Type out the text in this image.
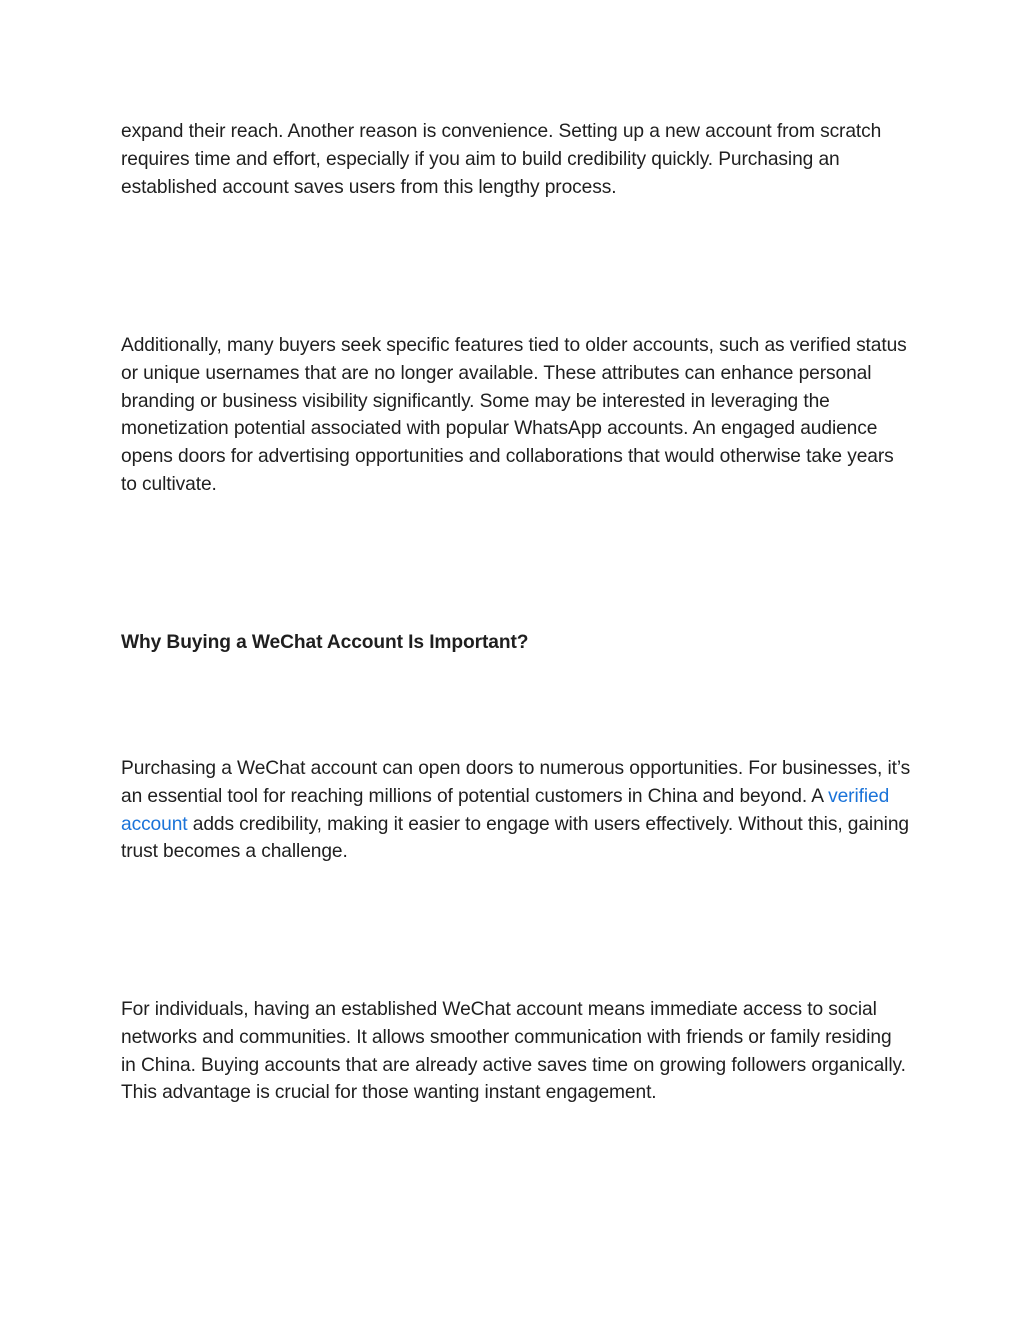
expand their reach. Another reason is convenience. Setting up a new account from scratch requires time and effort, especially if you aim to build credibility quickly. Purchasing an established account saves users from this lengthy process.

Additionally, many buyers seek specific features tied to older accounts, such as verified status or unique usernames that are no longer available. These attributes can enhance personal branding or business visibility significantly. Some may be interested in leveraging the monetization potential associated with popular WhatsApp accounts. An engaged audience opens doors for advertising opportunities and collaborations that would otherwise take years to cultivate.

Why Buying a WeChat Account Is Important?

Purchasing a WeChat account can open doors to numerous opportunities. For businesses, it’s an essential tool for reaching millions of potential customers in China and beyond. A verified account adds credibility, making it easier to engage with users effectively. Without this, gaining trust becomes a challenge.

For individuals, having an established WeChat account means immediate access to social networks and communities. It allows smoother communication with friends or family residing in China. Buying accounts that are already active saves time on growing followers organically. This advantage is crucial for those wanting instant engagement.
